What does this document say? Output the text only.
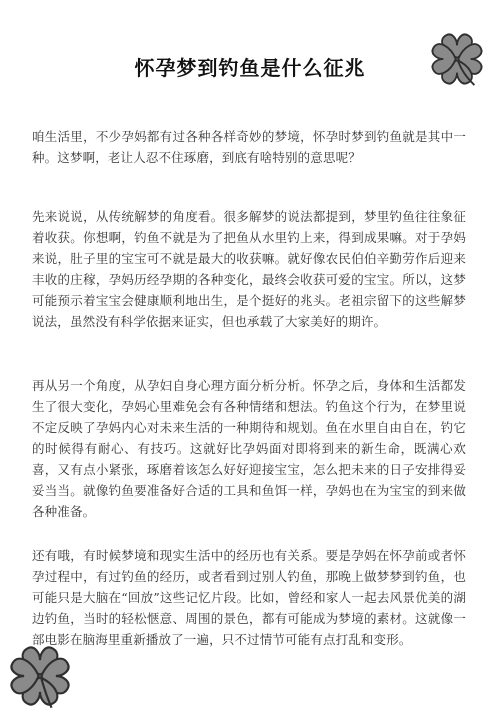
怀孕梦到钓鱼是什么征兆

咱生活里，不少孕妈都有过各种各样奇妙的梦境，怀孕时梦到钓鱼就是其中一种。这梦啊，老让人忍不住琢磨，到底有啥特别的意思呢？

先来说说，从传统解梦的角度看。很多解梦的说法都提到，梦里钓鱼往往象征着收获。你想啊，钓鱼不就是为了把鱼从水里钓上来，得到成果嘛。对于孕妈来说，肚子里的宝宝可不就是最大的收获嘛。就好像农民伯伯辛勤劳作后迎来丰收的庄稼，孕妈历经孕期的各种变化，最终会收获可爱的宝宝。所以，这梦可能预示着宝宝会健康顺利地出生，是个挺好的兆头。老祖宗留下的这些解梦说法，虽然没有科学依据来证实，但也承载了大家美好的期许。

再从另一个角度，从孕妇自身心理方面分析分析。怀孕之后，身体和生活都发生了很大变化，孕妈心里难免会有各种情绪和想法。钓鱼这个行为，在梦里说不定反映了孕妈内心对未来生活的一种期待和规划。鱼在水里自由自在，钓它的时候得有耐心、有技巧。这就好比孕妈面对即将到来的新生命，既满心欢喜，又有点小紧张，琢磨着该怎么好好迎接宝宝，怎么把未来的日子安排得妥妥当当。就像钓鱼要准备好合适的工具和鱼饵一样，孕妈也在为宝宝的到来做各种准备。

还有哦，有时候梦境和现实生活中的经历也有关系。要是孕妈在怀孕前或者怀孕过程中，有过钓鱼的经历，或者看到过别人钓鱼，那晚上做梦梦到钓鱼，也可能只是大脑在“回放”这些记忆片段。比如，曾经和家人一起去风景优美的湖边钓鱼，当时的轻松惬意、周围的景色，都有可能成为梦境的素材。这就像一部电影在脑海里重新播放了一遍，只不过情节可能有点打乱和变形。
